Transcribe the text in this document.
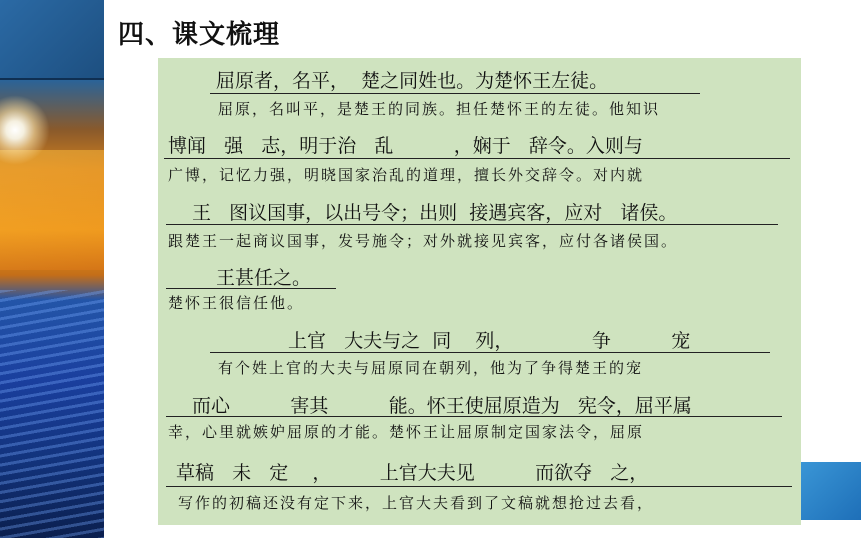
四、课文梳理
屈原者，名平，  楚之同姓也。为楚怀王左徒。
屈原，名叫平，是楚王的同族。担任楚怀王的左徒。他知识
博闻   强   志，明于治   乱          ，娴于   辞令。入则与
广博，记忆力强，明晓国家治乱的道理，擅长外交辞令。对内就
王   图议国事，以出号令；出则  接遇宾客，应对   诸侯。
跟楚王一起商议国事，发号施令；对外就接见宾客，应付各诸侯国。
王甚任之。
楚怀王很信任他。
上官   大夫与之  同    列，             争          宠
有个姓上官的大夫与屈原同在朝列，他为了争得楚王的宠
而心          害其          能。怀王使屈原造为   宪令，屈平属
幸，心里就嫉妒屈原的才能。楚怀王让屈原制定国家法令，屈原
草稿   未   定    ，        上官大夫见          而欲夺   之，
写作的初稿还没有定下来，上官大夫看到了文稿就想抢过去看，
